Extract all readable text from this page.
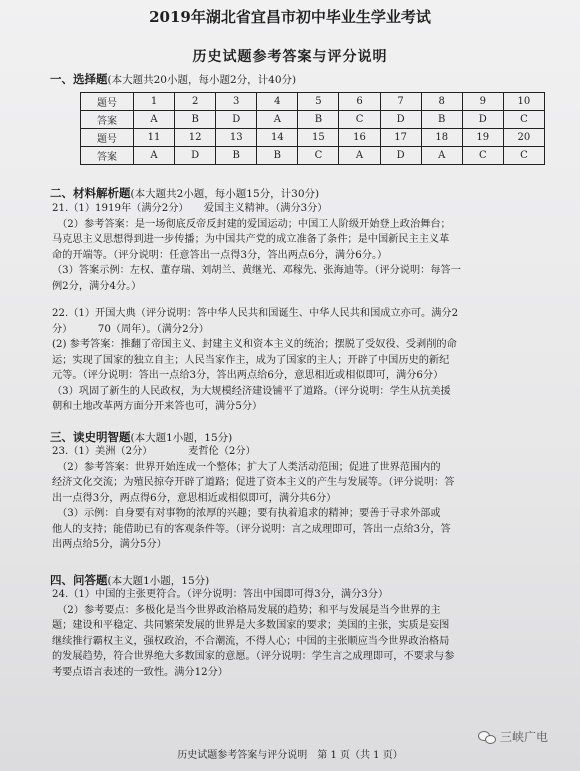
2019年湖北省宜昌市初中毕业生学业考试
历史试题参考答案与评分说明
一、选择题(本大题共20小题，每小题2分，计40分)
题号	1	2	3	4	5	6	7	8	9	10
答案	A	B	D	A	B	C	D	B	D	C
题号	11	12	13	14	15	16	17	18	19	20
答案	A	D	B	B	C	A	D	A	C	C
二、材料解析题(本大题共2小题，每小题15分，计30分)
21.（1）1919年（满分2分）　　爱国主义精神。（满分3分）
　（2）参考答案：是一场彻底反帝反封建的爱国运动；中国工人阶级开始登上政治舞台；
马克思主义思想得到进一步传播；为中国共产党的成立准备了条件；是中国新民主主义革
命的开端等。（评分说明：任意答出一点得3分，答出两点6分，满分6分。）
（3）答案示例：左权、董存瑞、刘胡兰、黄继光、邓稼先、张海迪等。（评分说明：每答一
例2分，满分4分。）
22.（1）开国大典（评分说明：答中华人民共和国诞生、中华人民共和国成立亦可。满分2
分）　　　70（周年）。（满分2分）
(2) 参考答案：推翻了帝国主义、封建主义和资本主义的统治；摆脱了受奴役、受剥削的命
运；实现了国家的独立自主；人民当家作主，成为了国家的主人；开辟了中国历史的新纪
元等。（评分说明：答出一点给3分，答出两点给6分，意思相近或相似即可，满分6分）
（3）巩固了新生的人民政权，为大规模经济建设铺平了道路。（评分说明：学生从抗美援
朝和土地改革两方面分开来答也可，满分5分）
三、读史明智题(本大题1小题，15分)
23.（1）美洲（2分）　　　　麦哲伦（2分）
　（2）参考答案：世界开始连成一个整体；扩大了人类活动范围；促进了世界范围内的
经济文化交流；为殖民掠夺开辟了道路；促进了资本主义的产生与发展等。（评分说明：答
出一点得3分，两点得6分，意思相近或相似即可，满分共6分）
　（3）示例：自身要有对事物的浓厚的兴趣；要有执着追求的精神；要善于寻求外部或
他人的支持；能借助已有的客观条件等。（评分说明：言之成理即可，答出一点给3分，答
出两点给5分，满分5分）
四、问答题(本大题1小题，15分)
24.（1）中国的主张更符合。（评分说明：答出中国即可得3分，满分3分）
　（2）参考要点：多极化是当今世界政治格局发展的趋势；和平与发展是当今世界的主
题；建设和平稳定、共同繁荣发展的世界是大多数国家的要求；美国的主张，实质是妄图
继续推行霸权主义，强权政治，不合潮流，不得人心；中国的主张顺应当今世界政治格局
的发展趋势，符合世界绝大多数国家的意愿。（评分说明：学生言之成理即可，不要求与参
考要点语言表述的一致性。满分12分）
三峡广电
历史试题参考答案与评分说明　第 1 页（共 1 页）
